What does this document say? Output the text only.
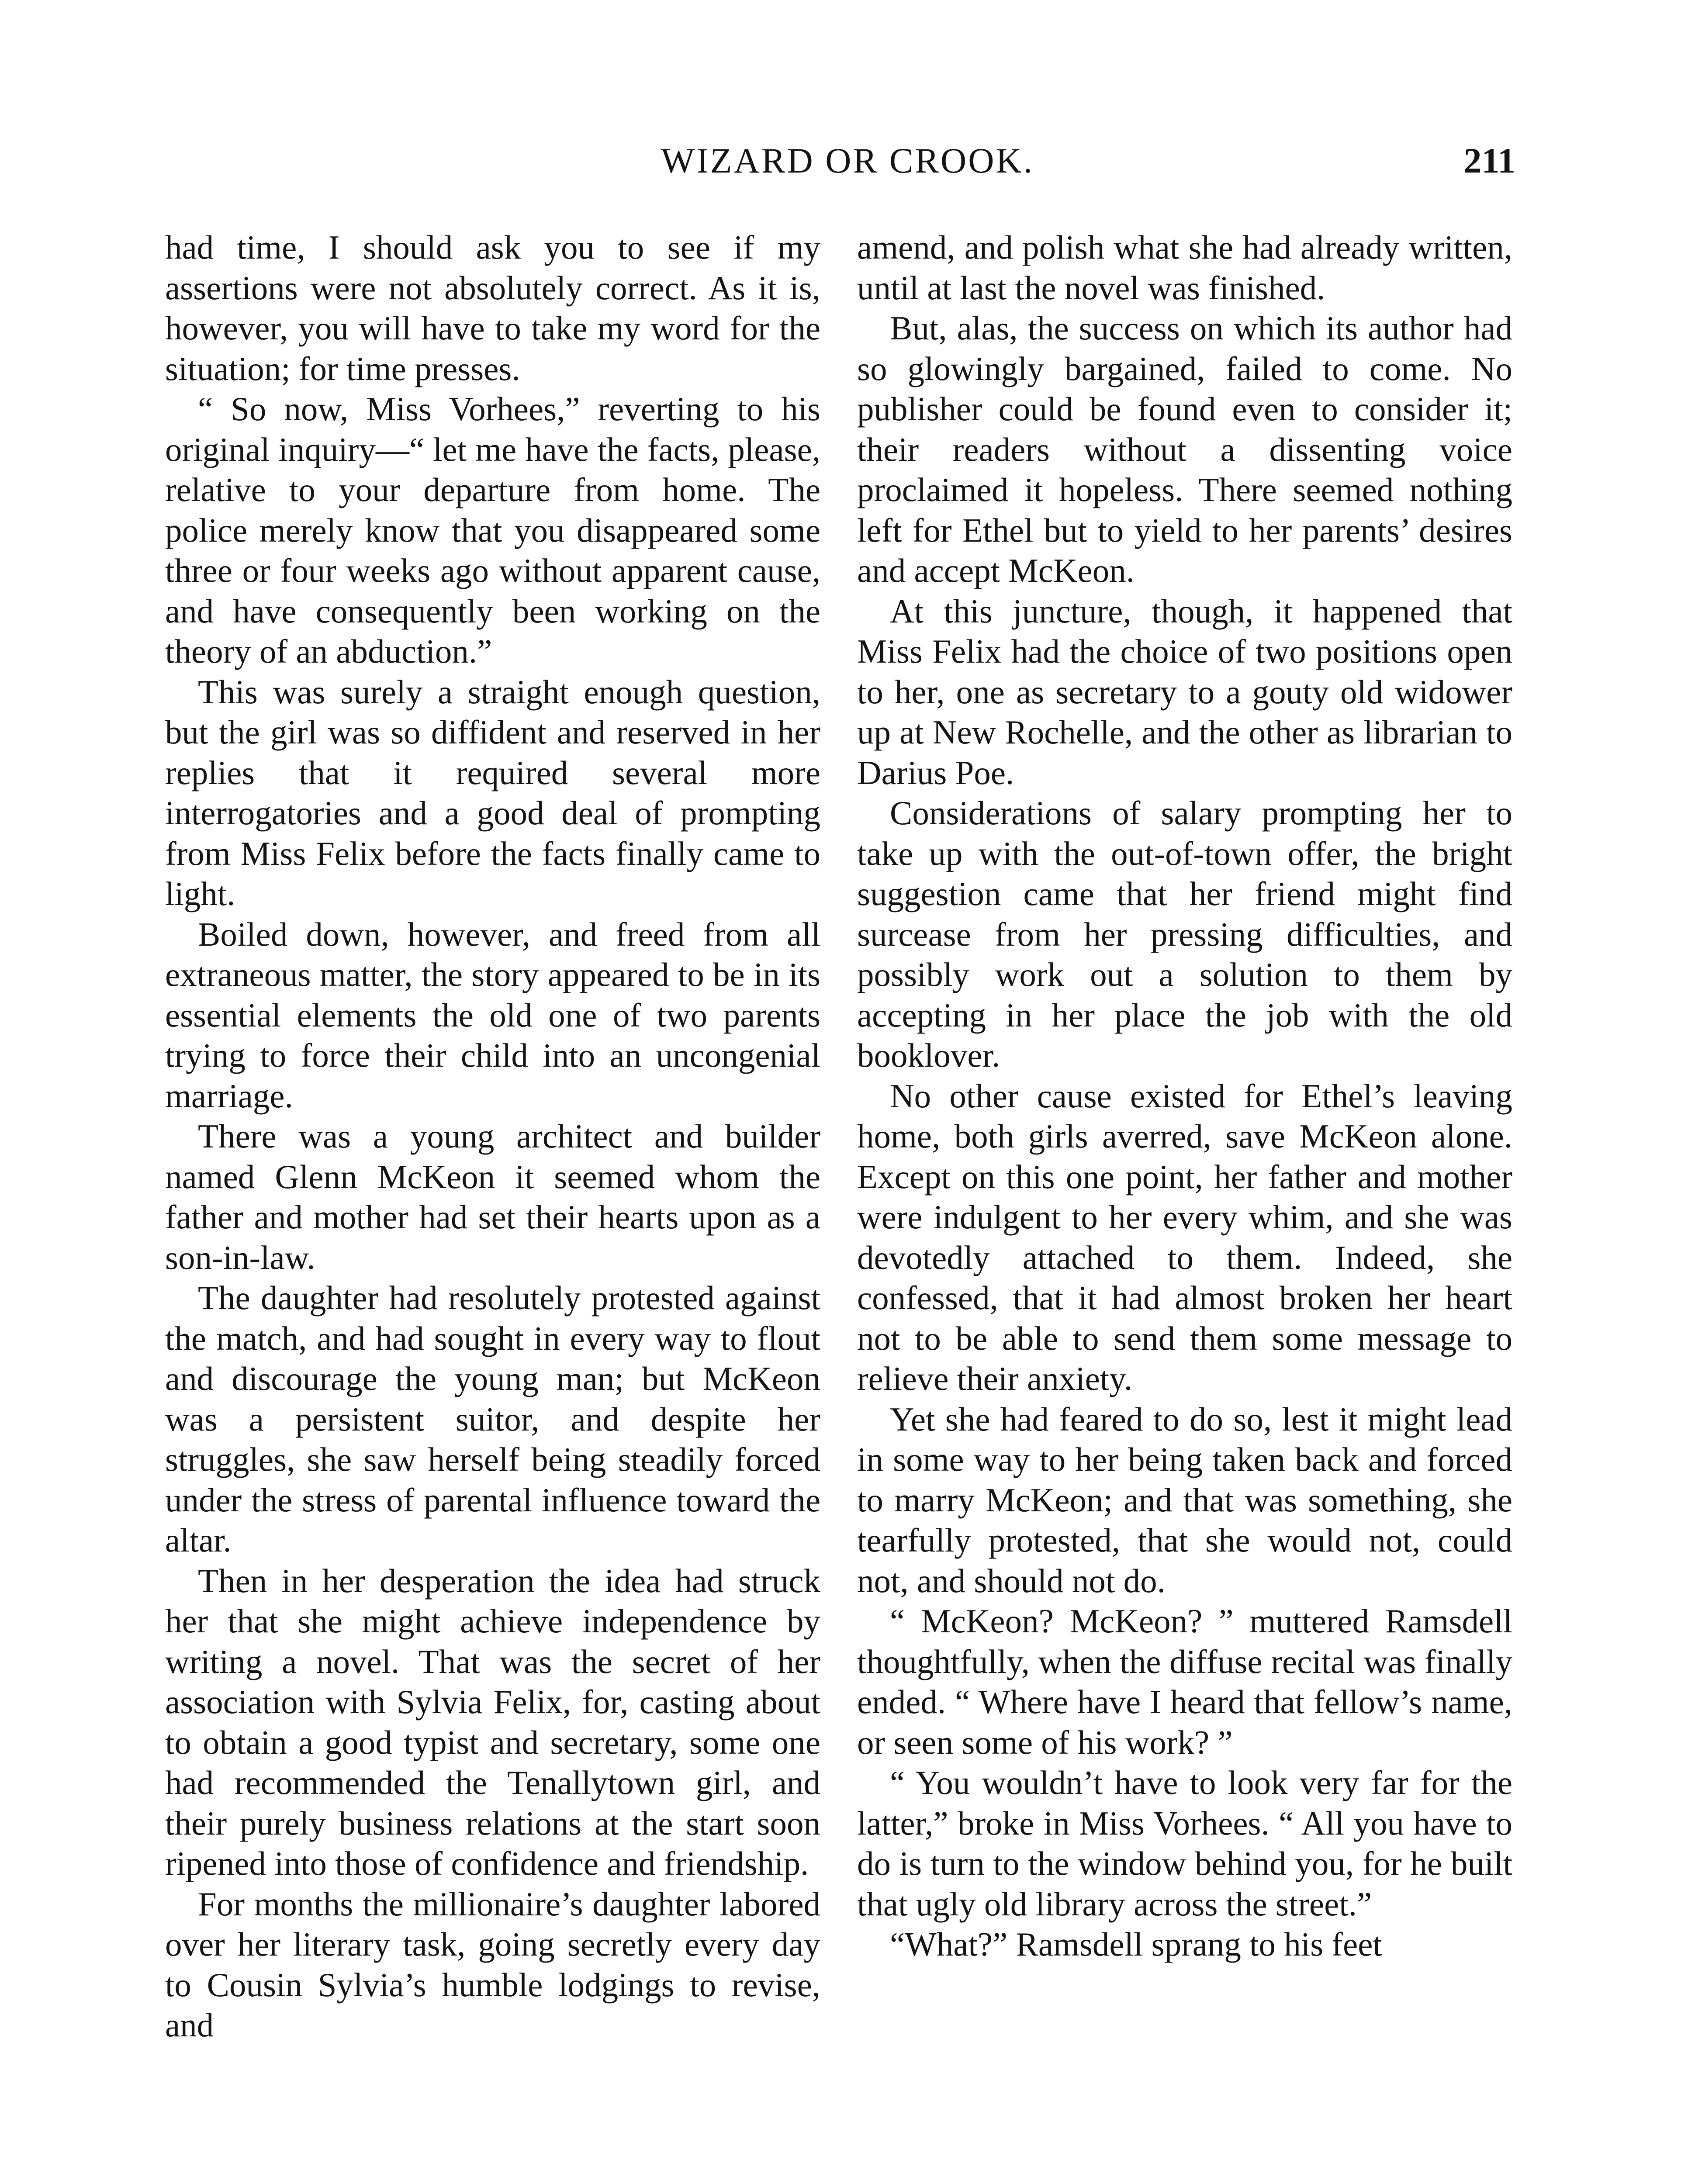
WIZARD OR CROOK.	211

had time, I should ask you to see if my assertions were not absolutely correct. As it is, however, you will have to take my word for the situation; for time presses.

“ So now, Miss Vorhees,” reverting to his original inquiry—“ let me have the facts, please, relative to your departure from home. The police merely know that you disappeared some three or four weeks ago without apparent cause, and have consequently been working on the theory of an abduction.”

This was surely a straight enough question, but the girl was so diffident and reserved in her replies that it required several more interrogatories and a good deal of prompting from Miss Felix before the facts finally came to light.

Boiled down, however, and freed from all extraneous matter, the story appeared to be in its essential elements the old one of two parents trying to force their child into an uncongenial marriage.

There was a young architect and builder named Glenn McKeon it seemed whom the father and mother had set their hearts upon as a son-in-law.

The daughter had resolutely protested against the match, and had sought in every way to flout and discourage the young man; but McKeon was a persistent suitor, and despite her struggles, she saw herself being steadily forced under the stress of parental influence toward the altar.

Then in her desperation the idea had struck her that she might achieve independence by writing a novel. That was the secret of her association with Sylvia Felix, for, casting about to obtain a good typist and secretary, some one had recommended the Tenallytown girl, and their purely business relations at the start soon ripened into those of confidence and friendship.

For months the millionaire’s daughter labored over her literary task, going secretly every day to Cousin Sylvia’s humble lodgings to revise, and

amend, and polish what she had already written, until at last the novel was finished.

But, alas, the success on which its author had so glowingly bargained, failed to come. No publisher could be found even to consider it; their readers without a dissenting voice proclaimed it hopeless. There seemed nothing left for Ethel but to yield to her parents’ desires and accept McKeon.

At this juncture, though, it happened that Miss Felix had the choice of two positions open to her, one as secretary to a gouty old widower up at New Rochelle, and the other as librarian to Darius Poe.

Considerations of salary prompting her to take up with the out-of-town offer, the bright suggestion came that her friend might find surcease from her pressing difficulties, and possibly work out a solution to them by accepting in her place the job with the old booklover.

No other cause existed for Ethel’s leaving home, both girls averred, save McKeon alone. Except on this one point, her father and mother were indulgent to her every whim, and she was devotedly attached to them. Indeed, she confessed, that it had almost broken her heart not to be able to send them some message to relieve their anxiety.

Yet she had feared to do so, lest it might lead in some way to her being taken back and forced to marry McKeon; and that was something, she tearfully protested, that she would not, could not, and should not do.

“ McKeon? McKeon? ” muttered Ramsdell thoughtfully, when the diffuse recital was finally ended. “ Where have I heard that fellow’s name, or seen some of his work? ”

“ You wouldn’t have to look very far for the latter,” broke in Miss Vorhees. “ All you have to do is turn to the window behind you, for he built that ugly old library across the street.”

“What?” Ramsdell sprang to his feet
